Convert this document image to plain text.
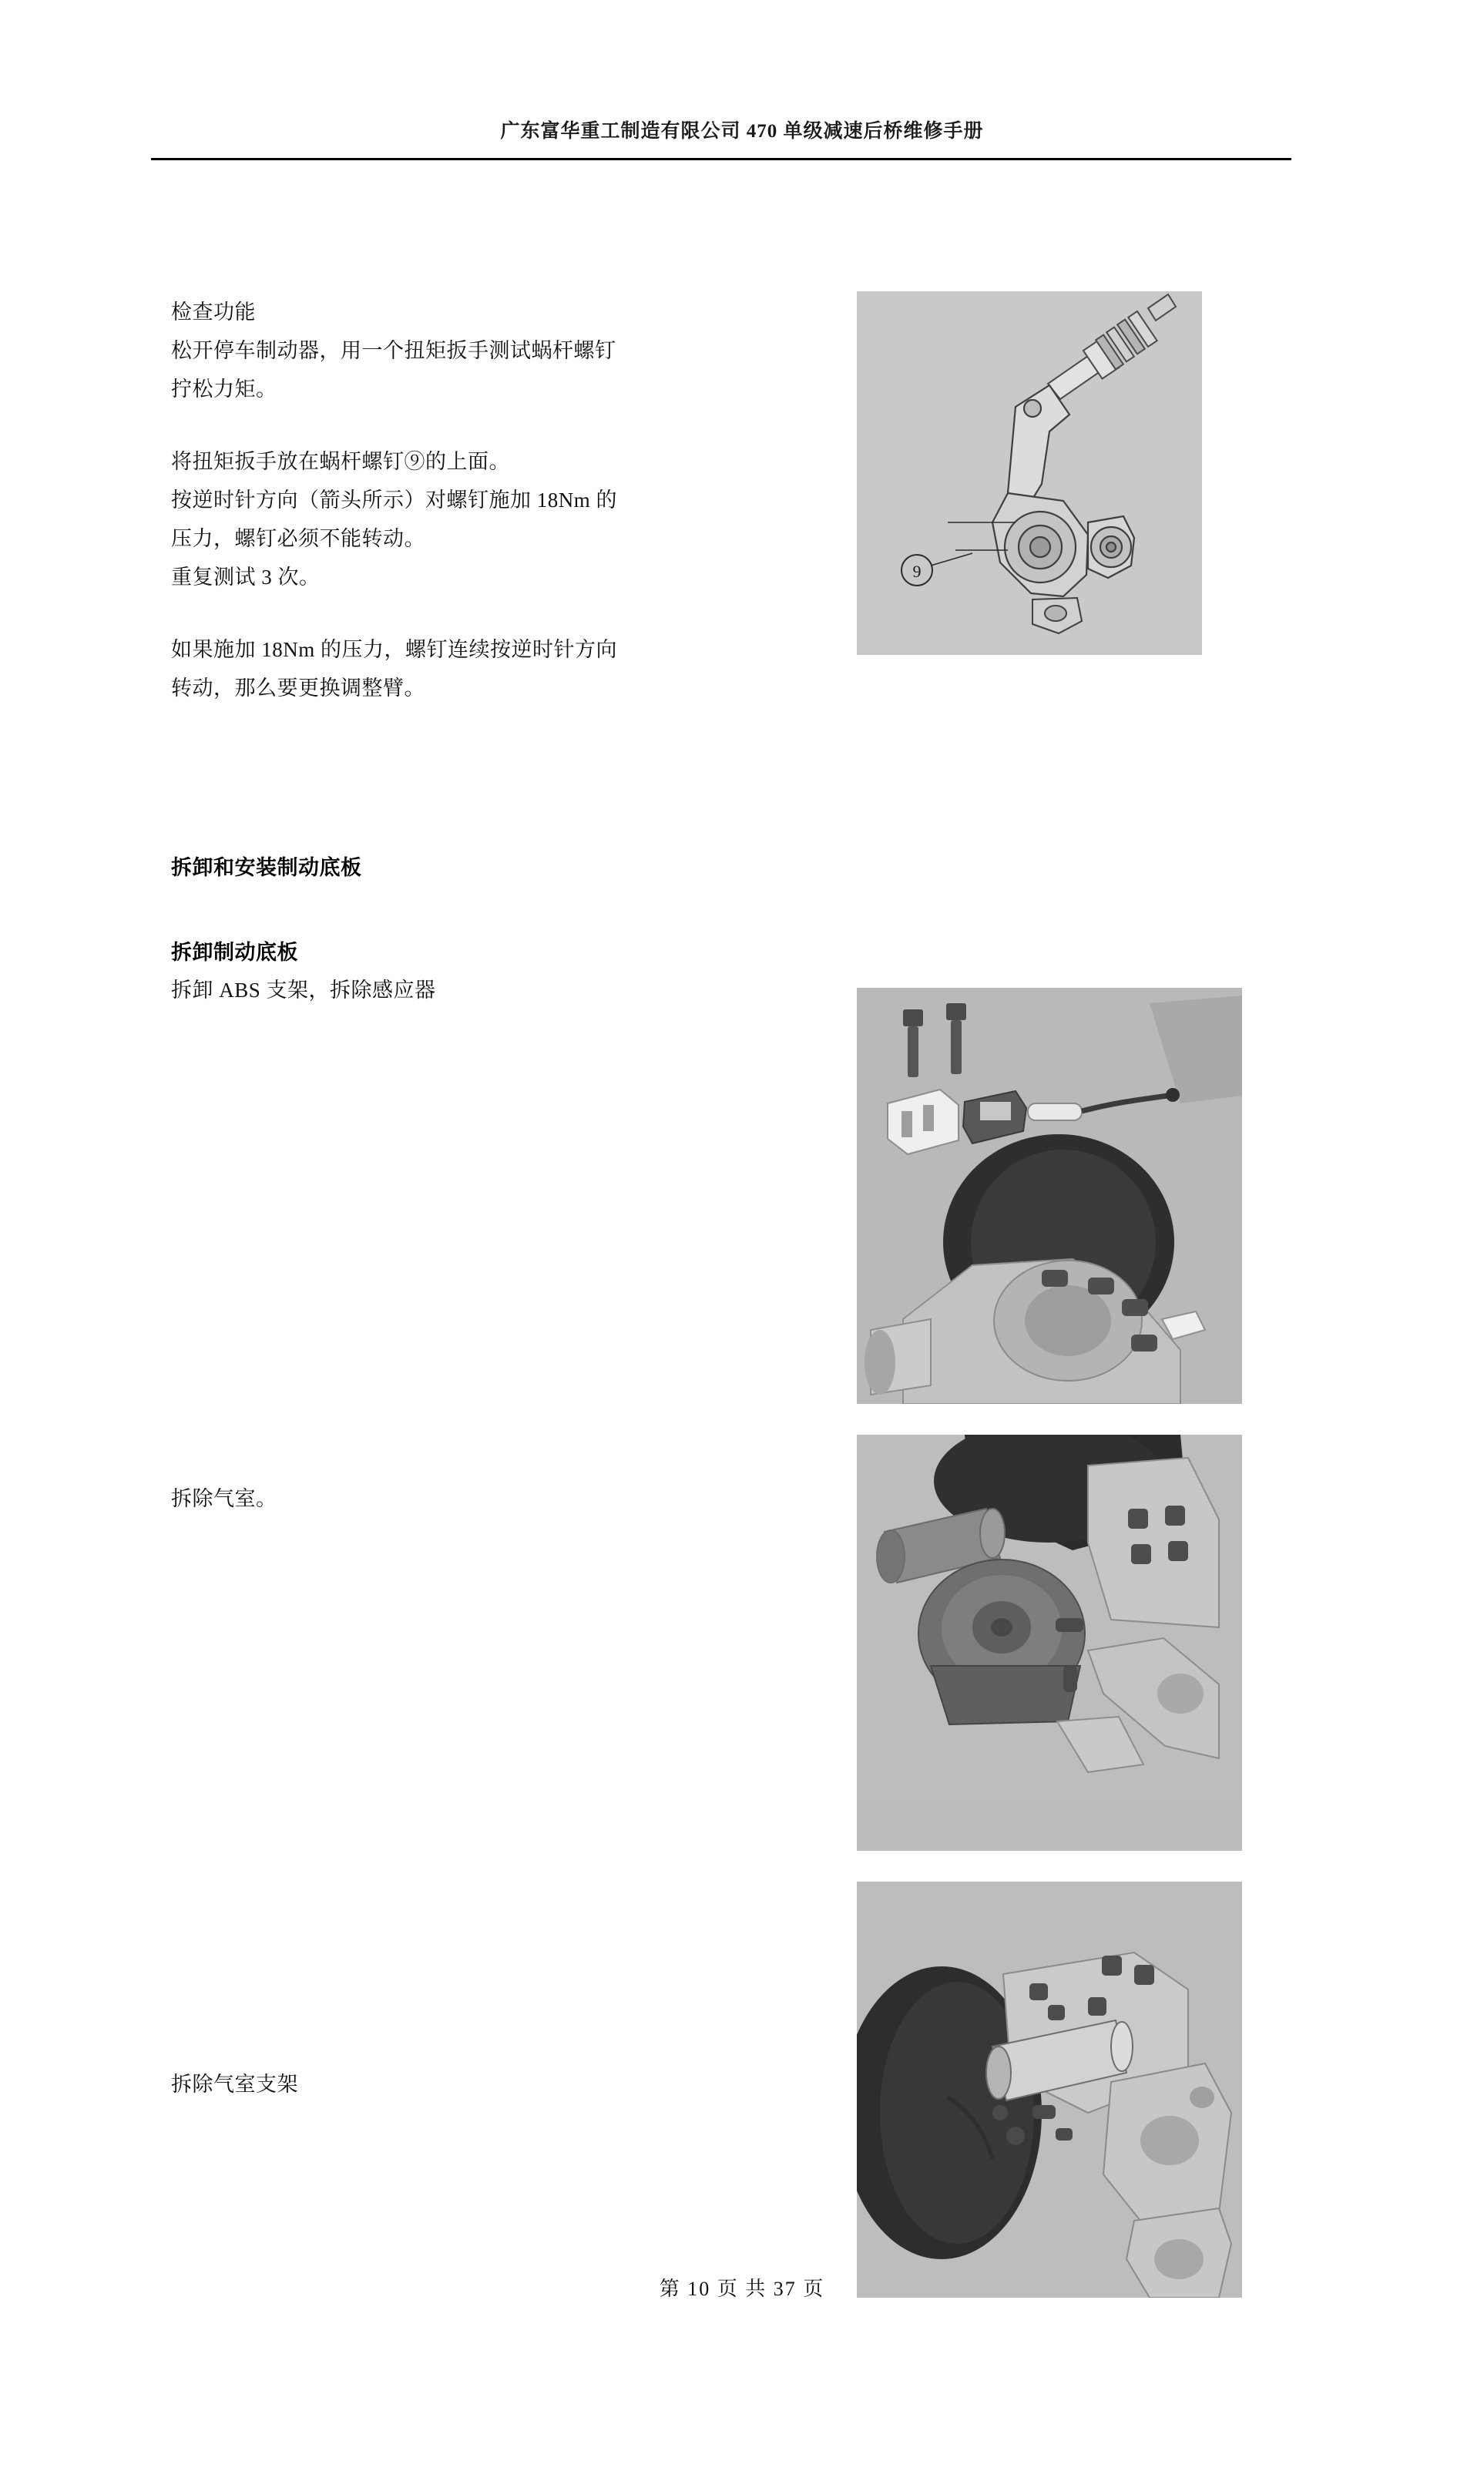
广东富华重工制造有限公司 470 单级减速后桥维修手册

检查功能

松开停车制动器，用一个扭矩扳手测试蜗杆螺钉

拧松力矩。

将扭矩扳手放在蜗杆螺钉⑨的上面。

按逆时针方向（箭头所示）对螺钉施加 18Nm 的

压力，螺钉必须不能转动。

重复测试 3 次。

如果施加 18Nm 的压力，螺钉连续按逆时针方向

转动，那么要更换调整臂。

拆卸和安装制动底板

拆卸制动底板

拆卸 ABS 支架，拆除感应器

拆除气室。

拆除气室支架

9
第 10 页 共 37 页
